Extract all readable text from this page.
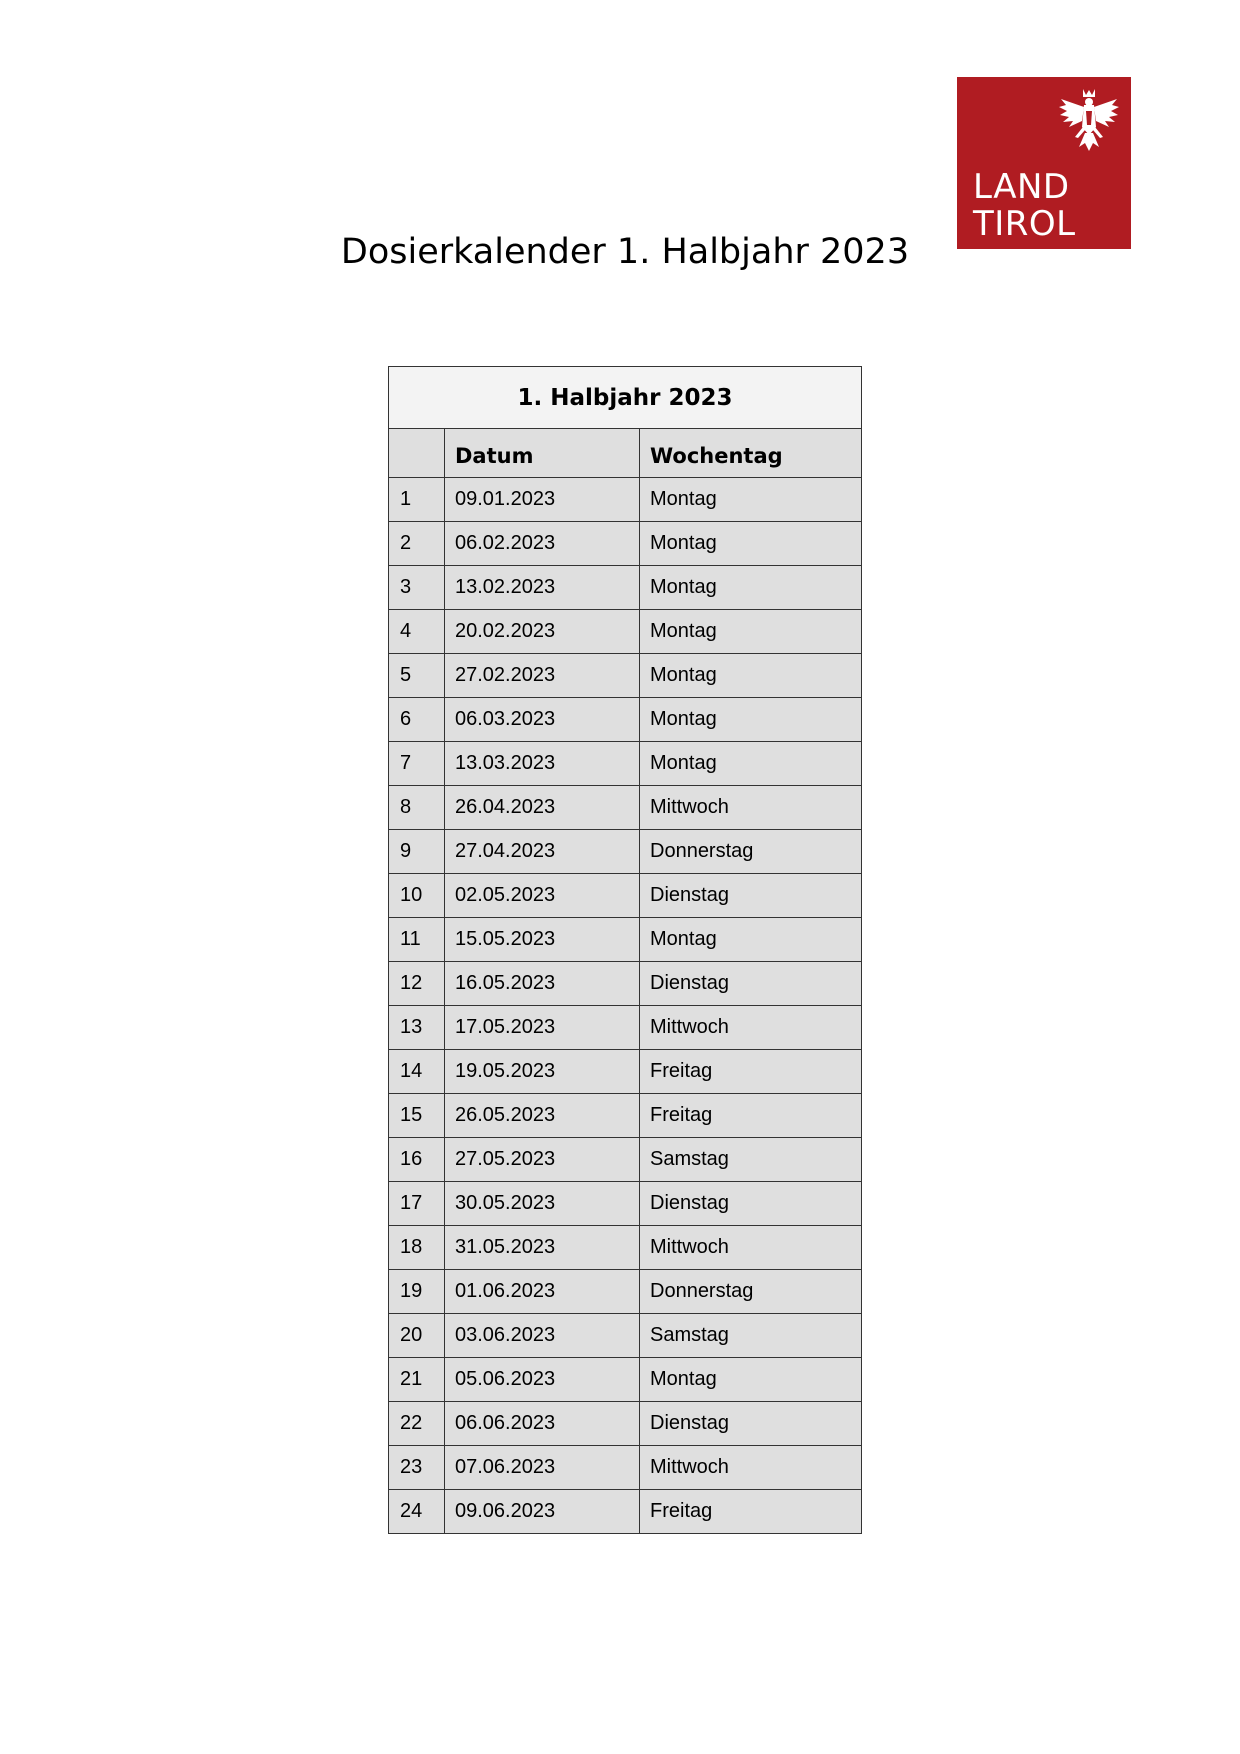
LAND
TIROL
Dosierkalender 1. Halbjahr 2023
1. Halbjahr 2023		
	Datum	Wochentag
1	09.01.2023	Montag
2	06.02.2023	Montag
3	13.02.2023	Montag
4	20.02.2023	Montag
5	27.02.2023	Montag
6	06.03.2023	Montag
7	13.03.2023	Montag
8	26.04.2023	Mittwoch
9	27.04.2023	Donnerstag
10	02.05.2023	Dienstag
11	15.05.2023	Montag
12	16.05.2023	Dienstag
13	17.05.2023	Mittwoch
14	19.05.2023	Freitag
15	26.05.2023	Freitag
16	27.05.2023	Samstag
17	30.05.2023	Dienstag
18	31.05.2023	Mittwoch
19	01.06.2023	Donnerstag
20	03.06.2023	Samstag
21	05.06.2023	Montag
22	06.06.2023	Dienstag
23	07.06.2023	Mittwoch
24	09.06.2023	Freitag
